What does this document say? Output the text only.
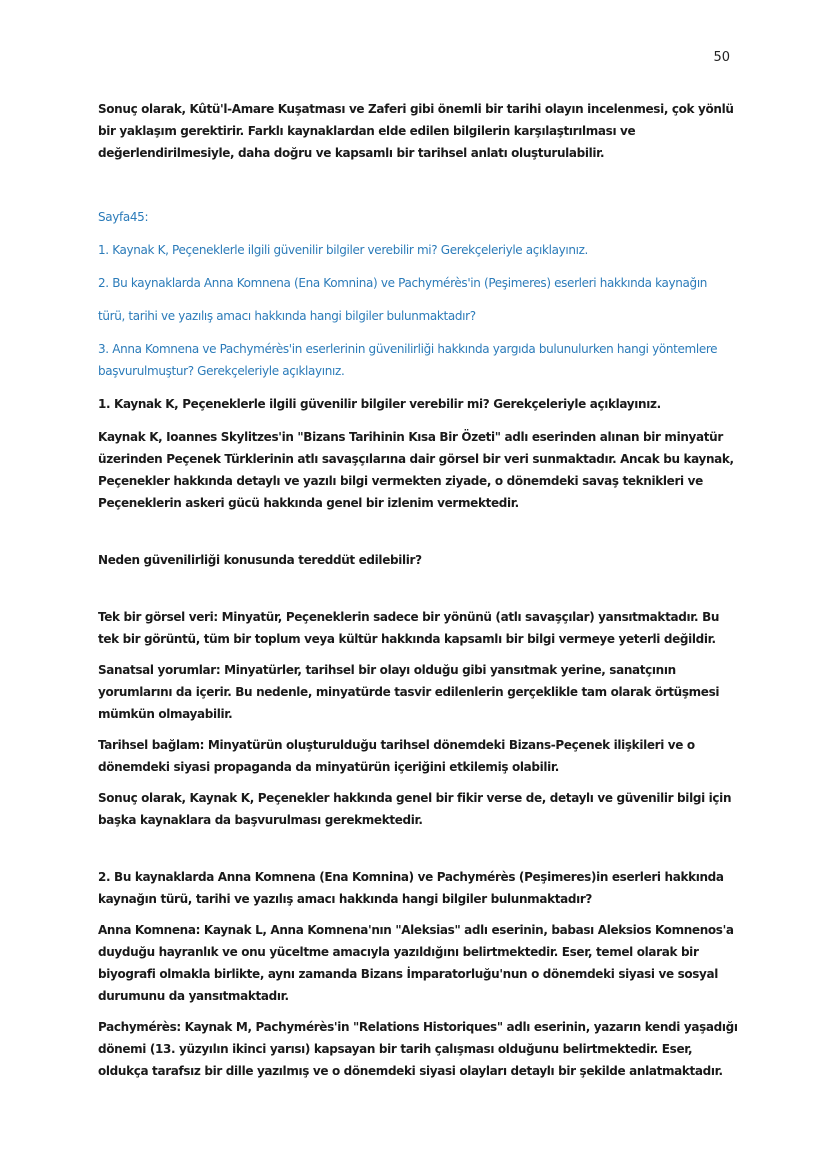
50

Sonuç olarak, Kûtü'l-Amare Kuşatması ve Zaferi gibi önemli bir tarihi olayın incelenmesi, çok yönlü bir yaklaşım gerektirir. Farklı kaynaklardan elde edilen bilgilerin karşılaştırılması ve değerlendirilmesiyle, daha doğru ve kapsamlı bir tarihsel anlatı oluşturulabilir.

Sayfa45:

1. Kaynak K, Peçeneklerle ilgili güvenilir bilgiler verebilir mi? Gerekçeleriyle açıklayınız.

2. Bu kaynaklarda Anna Komnena (Ena Komnina) ve Pachymérès'in (Peşimeres) eserleri hakkında kaynağın

türü, tarihi ve yazılış amacı hakkında hangi bilgiler bulunmaktadır?

3. Anna Komnena ve Pachymérès'in eserlerinin güvenilirliği hakkında yargıda bulunulurken hangi yöntemlere başvurulmuştur? Gerekçeleriyle açıklayınız.

1. Kaynak K, Peçeneklerle ilgili güvenilir bilgiler verebilir mi? Gerekçeleriyle açıklayınız.

Kaynak K, Ioannes Skylitzes'in "Bizans Tarihinin Kısa Bir Özeti" adlı eserinden alınan bir minyatür üzerinden Peçenek Türklerinin atlı savaşçılarına dair görsel bir veri sunmaktadır. Ancak bu kaynak, Peçenekler hakkında detaylı ve yazılı bilgi vermekten ziyade, o dönemdeki savaş teknikleri ve Peçeneklerin askeri gücü hakkında genel bir izlenim vermektedir.

Neden güvenilirliği konusunda tereddüt edilebilir?

Tek bir görsel veri: Minyatür, Peçeneklerin sadece bir yönünü (atlı savaşçılar) yansıtmaktadır. Bu tek bir görüntü, tüm bir toplum veya kültür hakkında kapsamlı bir bilgi vermeye yeterli değildir.

Sanatsal yorumlar: Minyatürler, tarihsel bir olayı olduğu gibi yansıtmak yerine, sanatçının yorumlarını da içerir. Bu nedenle, minyatürde tasvir edilenlerin gerçeklikle tam olarak örtüşmesi mümkün olmayabilir.

Tarihsel bağlam: Minyatürün oluşturulduğu tarihsel dönemdeki Bizans-Peçenek ilişkileri ve o dönemdeki siyasi propaganda da minyatürün içeriğini etkilemiş olabilir.

Sonuç olarak, Kaynak K, Peçenekler hakkında genel bir fikir verse de, detaylı ve güvenilir bilgi için başka kaynaklara da başvurulması gerekmektedir.

2. Bu kaynaklarda Anna Komnena (Ena Komnina) ve Pachymérès (Peşimeres)in eserleri hakkında kaynağın türü, tarihi ve yazılış amacı hakkında hangi bilgiler bulunmaktadır?

Anna Komnena: Kaynak L, Anna Komnena'nın "Aleksias" adlı eserinin, babası Aleksios Komnenos'a duyduğu hayranlık ve onu yüceltme amacıyla yazıldığını belirtmektedir. Eser, temel olarak bir biyografi olmakla birlikte, aynı zamanda Bizans İmparatorluğu'nun o dönemdeki siyasi ve sosyal durumunu da yansıtmaktadır.

Pachymérès: Kaynak M, Pachymérès'in "Relations Historiques" adlı eserinin, yazarın kendi yaşadığı dönemi (13. yüzyılın ikinci yarısı) kapsayan bir tarih çalışması olduğunu belirtmektedir. Eser, oldukça tarafsız bir dille yazılmış ve o dönemdeki siyasi olayları detaylı bir şekilde anlatmaktadır.
